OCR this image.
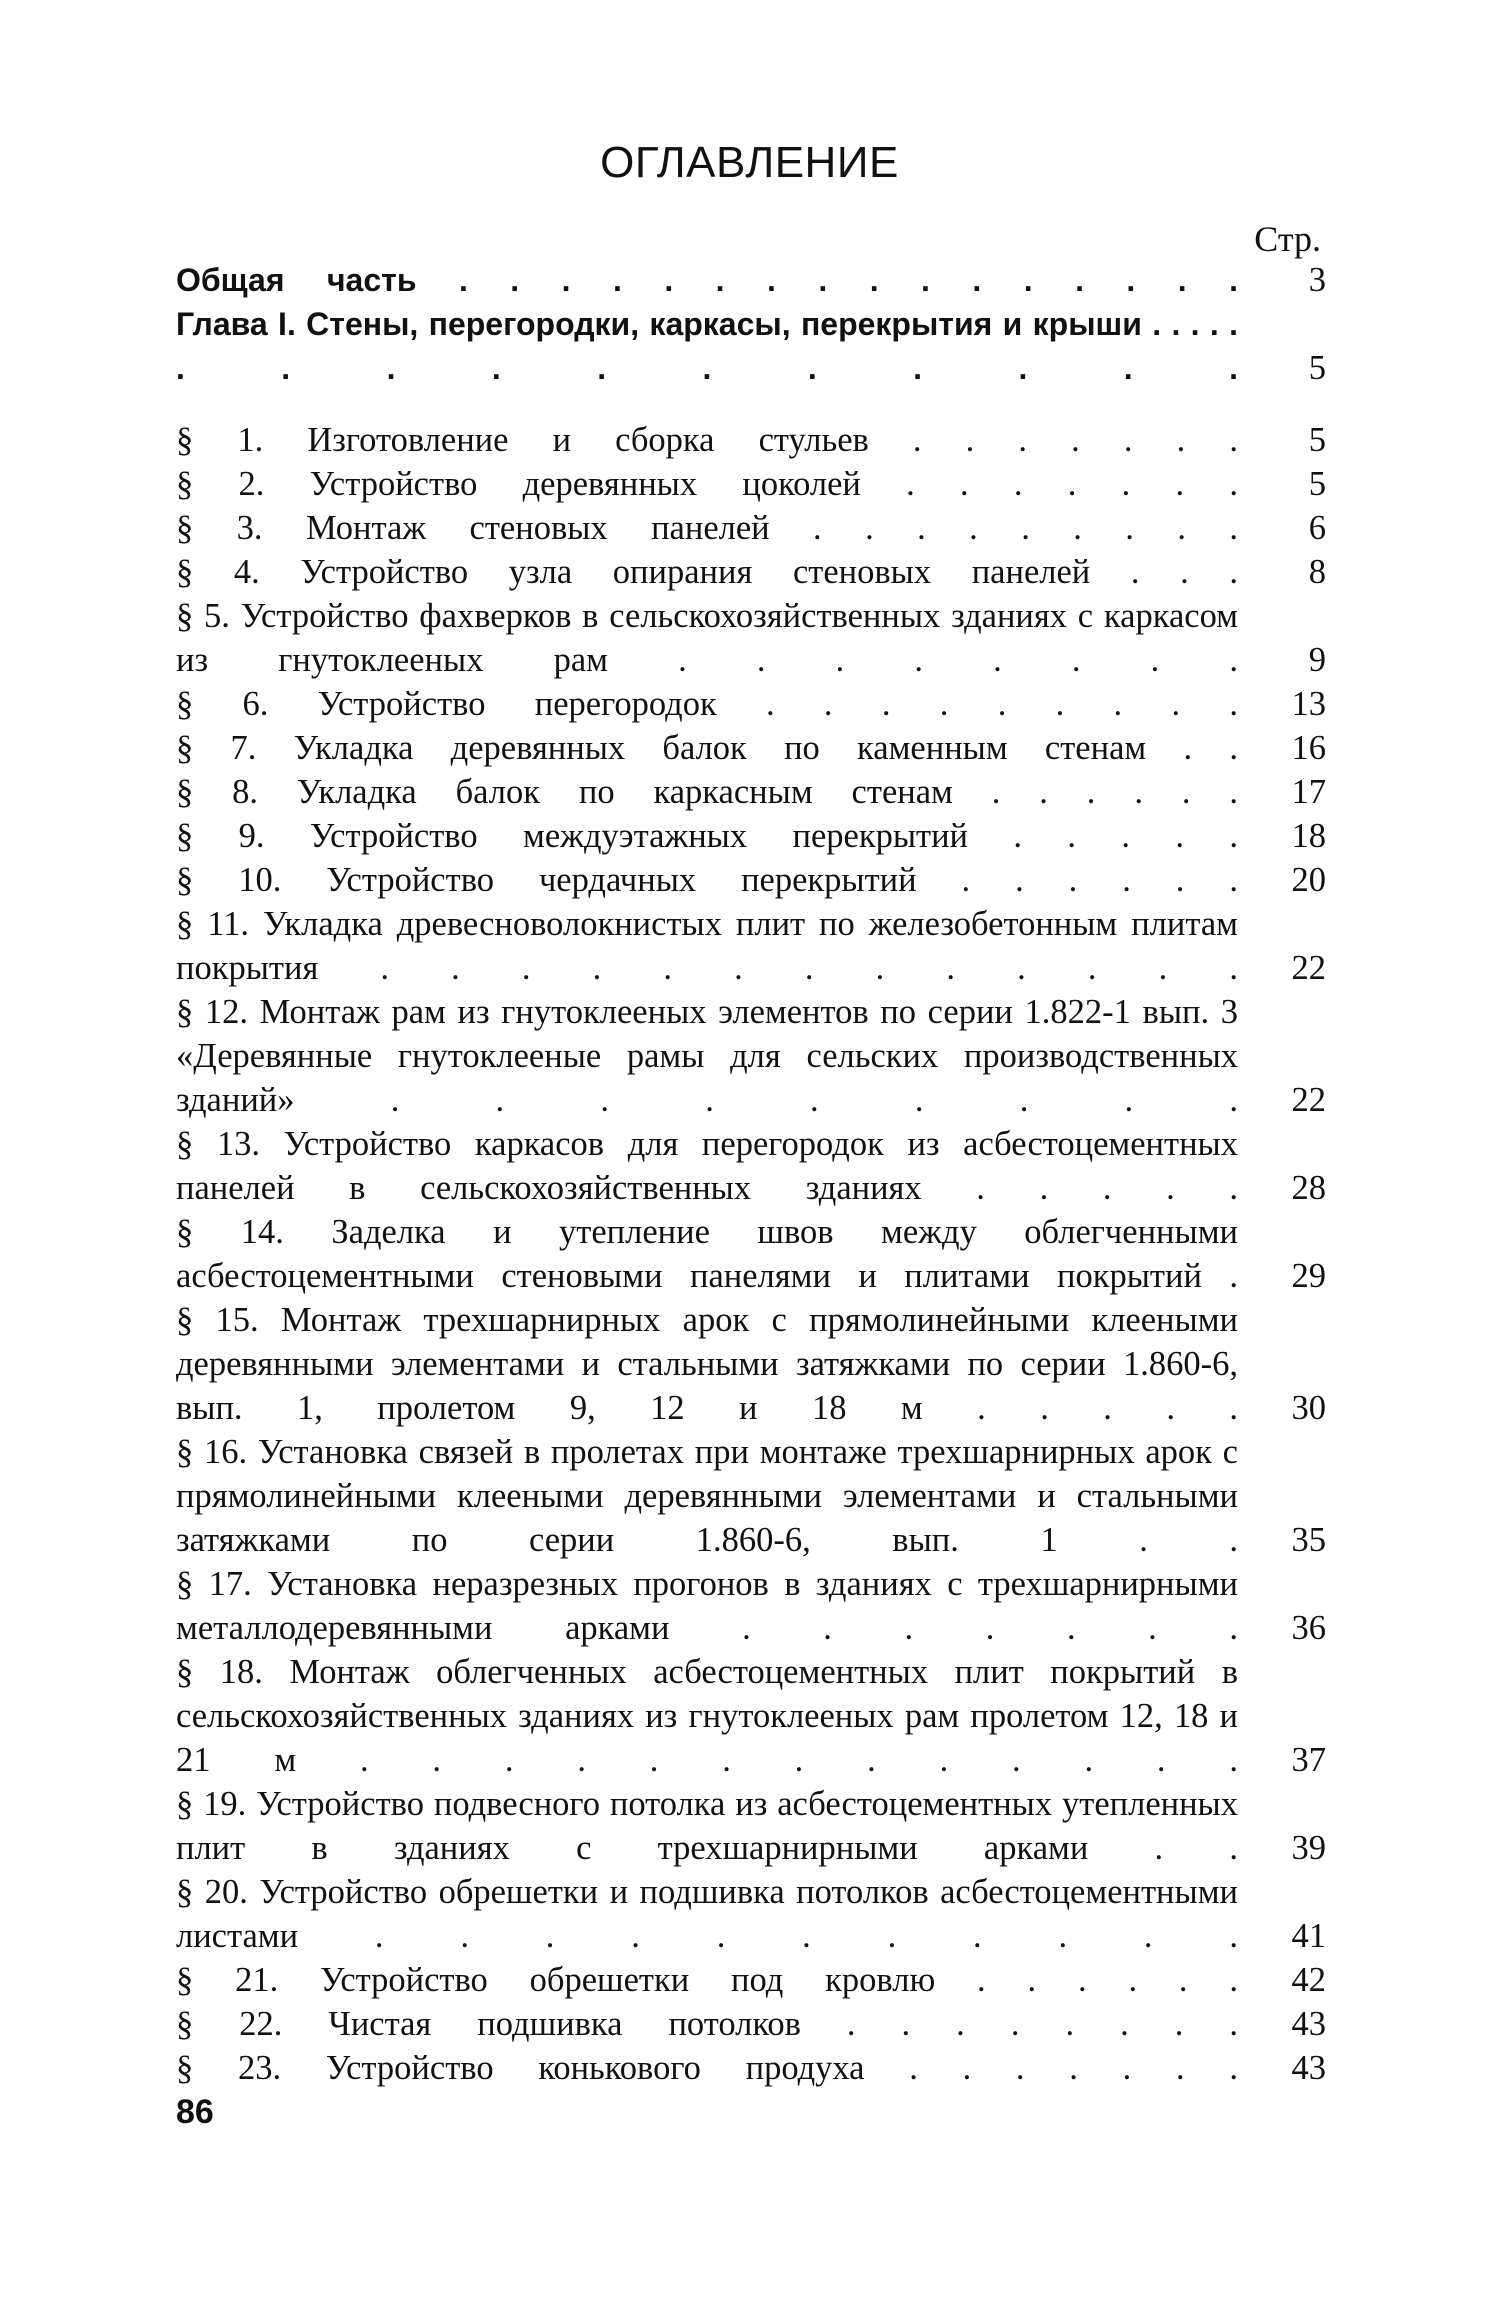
ОГЛАВЛЕНИЕ
Стр.
Общая часть . . . . . . . . . . . . . . . . 3
Глава I. Стены, перегородки, каркасы, перекрытия и крыши . . . . . . . . . . . . . . . . 5
§ 1. Изготовление и сборка стульев . . . . . . . 5
§ 2. Устройство деревянных цоколей . . . . . . . 5
§ 3. Монтаж стеновых панелей . . . . . . . . . 6
§ 4. Устройство узла опирания стеновых панелей . . . 8
§ 5. Устройство фахверков в сельскохозяйственных зданиях с каркасом из гнутоклееных рам . . . . . . . . 9
§ 6. Устройство перегородок . . . . . . . . . 13
§ 7. Укладка деревянных балок по каменным стенам . . 16
§ 8. Укладка балок по каркасным стенам . . . . . . 17
§ 9. Устройство междуэтажных перекрытий . . . . . 18
§ 10. Устройство чердачных перекрытий . . . . . . 20
§ 11. Укладка древесноволокнистых плит по железобетонным плитам покрытия . . . . . . . . . . . . . 22
§ 12. Монтаж рам из гнутоклееных элементов по серии 1.822-1 вып. 3 «Деревянные гнутоклееные рамы для сельских производственных зданий» . . . . . . . . . 22
§ 13. Устройство каркасов для перегородок из асбестоцементных панелей в сельскохозяйственных зданиях . . . . . 28
§ 14. Заделка и утепление швов между облегченными асбестоцементными стеновыми панелями и плитами покрытий . 29
§ 15. Монтаж трехшарнирных арок с прямолинейными клееными деревянными элементами и стальными затяжками по серии 1.860-6, вып. 1, пролетом 9, 12 и 18 м . . . . . 30
§ 16. Установка связей в пролетах при монтаже трехшарнирных арок с прямолинейными клееными деревянными элементами и стальными затяжками по серии 1.860-6, вып. 1 . . 35
§ 17. Установка неразрезных прогонов в зданиях с трехшарнирными металлодеревянными арками . . . . . . . 36
§ 18. Монтаж облегченных асбестоцементных плит покрытий в сельскохозяйственных зданиях из гнутоклееных рам пролетом 12, 18 и 21 м . . . . . . . . . . . . . 37
§ 19. Устройство подвесного потолка из асбестоцементных утепленных плит в зданиях с трехшарнирными арками . . 39
§ 20. Устройство обрешетки и подшивка потолков асбестоцементными листами . . . . . . . . . . . 41
§ 21. Устройство обрешетки под кровлю . . . . . . 42
§ 22. Чистая подшивка потолков . . . . . . . . 43
§ 23. Устройство конькового продуха . . . . . . . 43
86
